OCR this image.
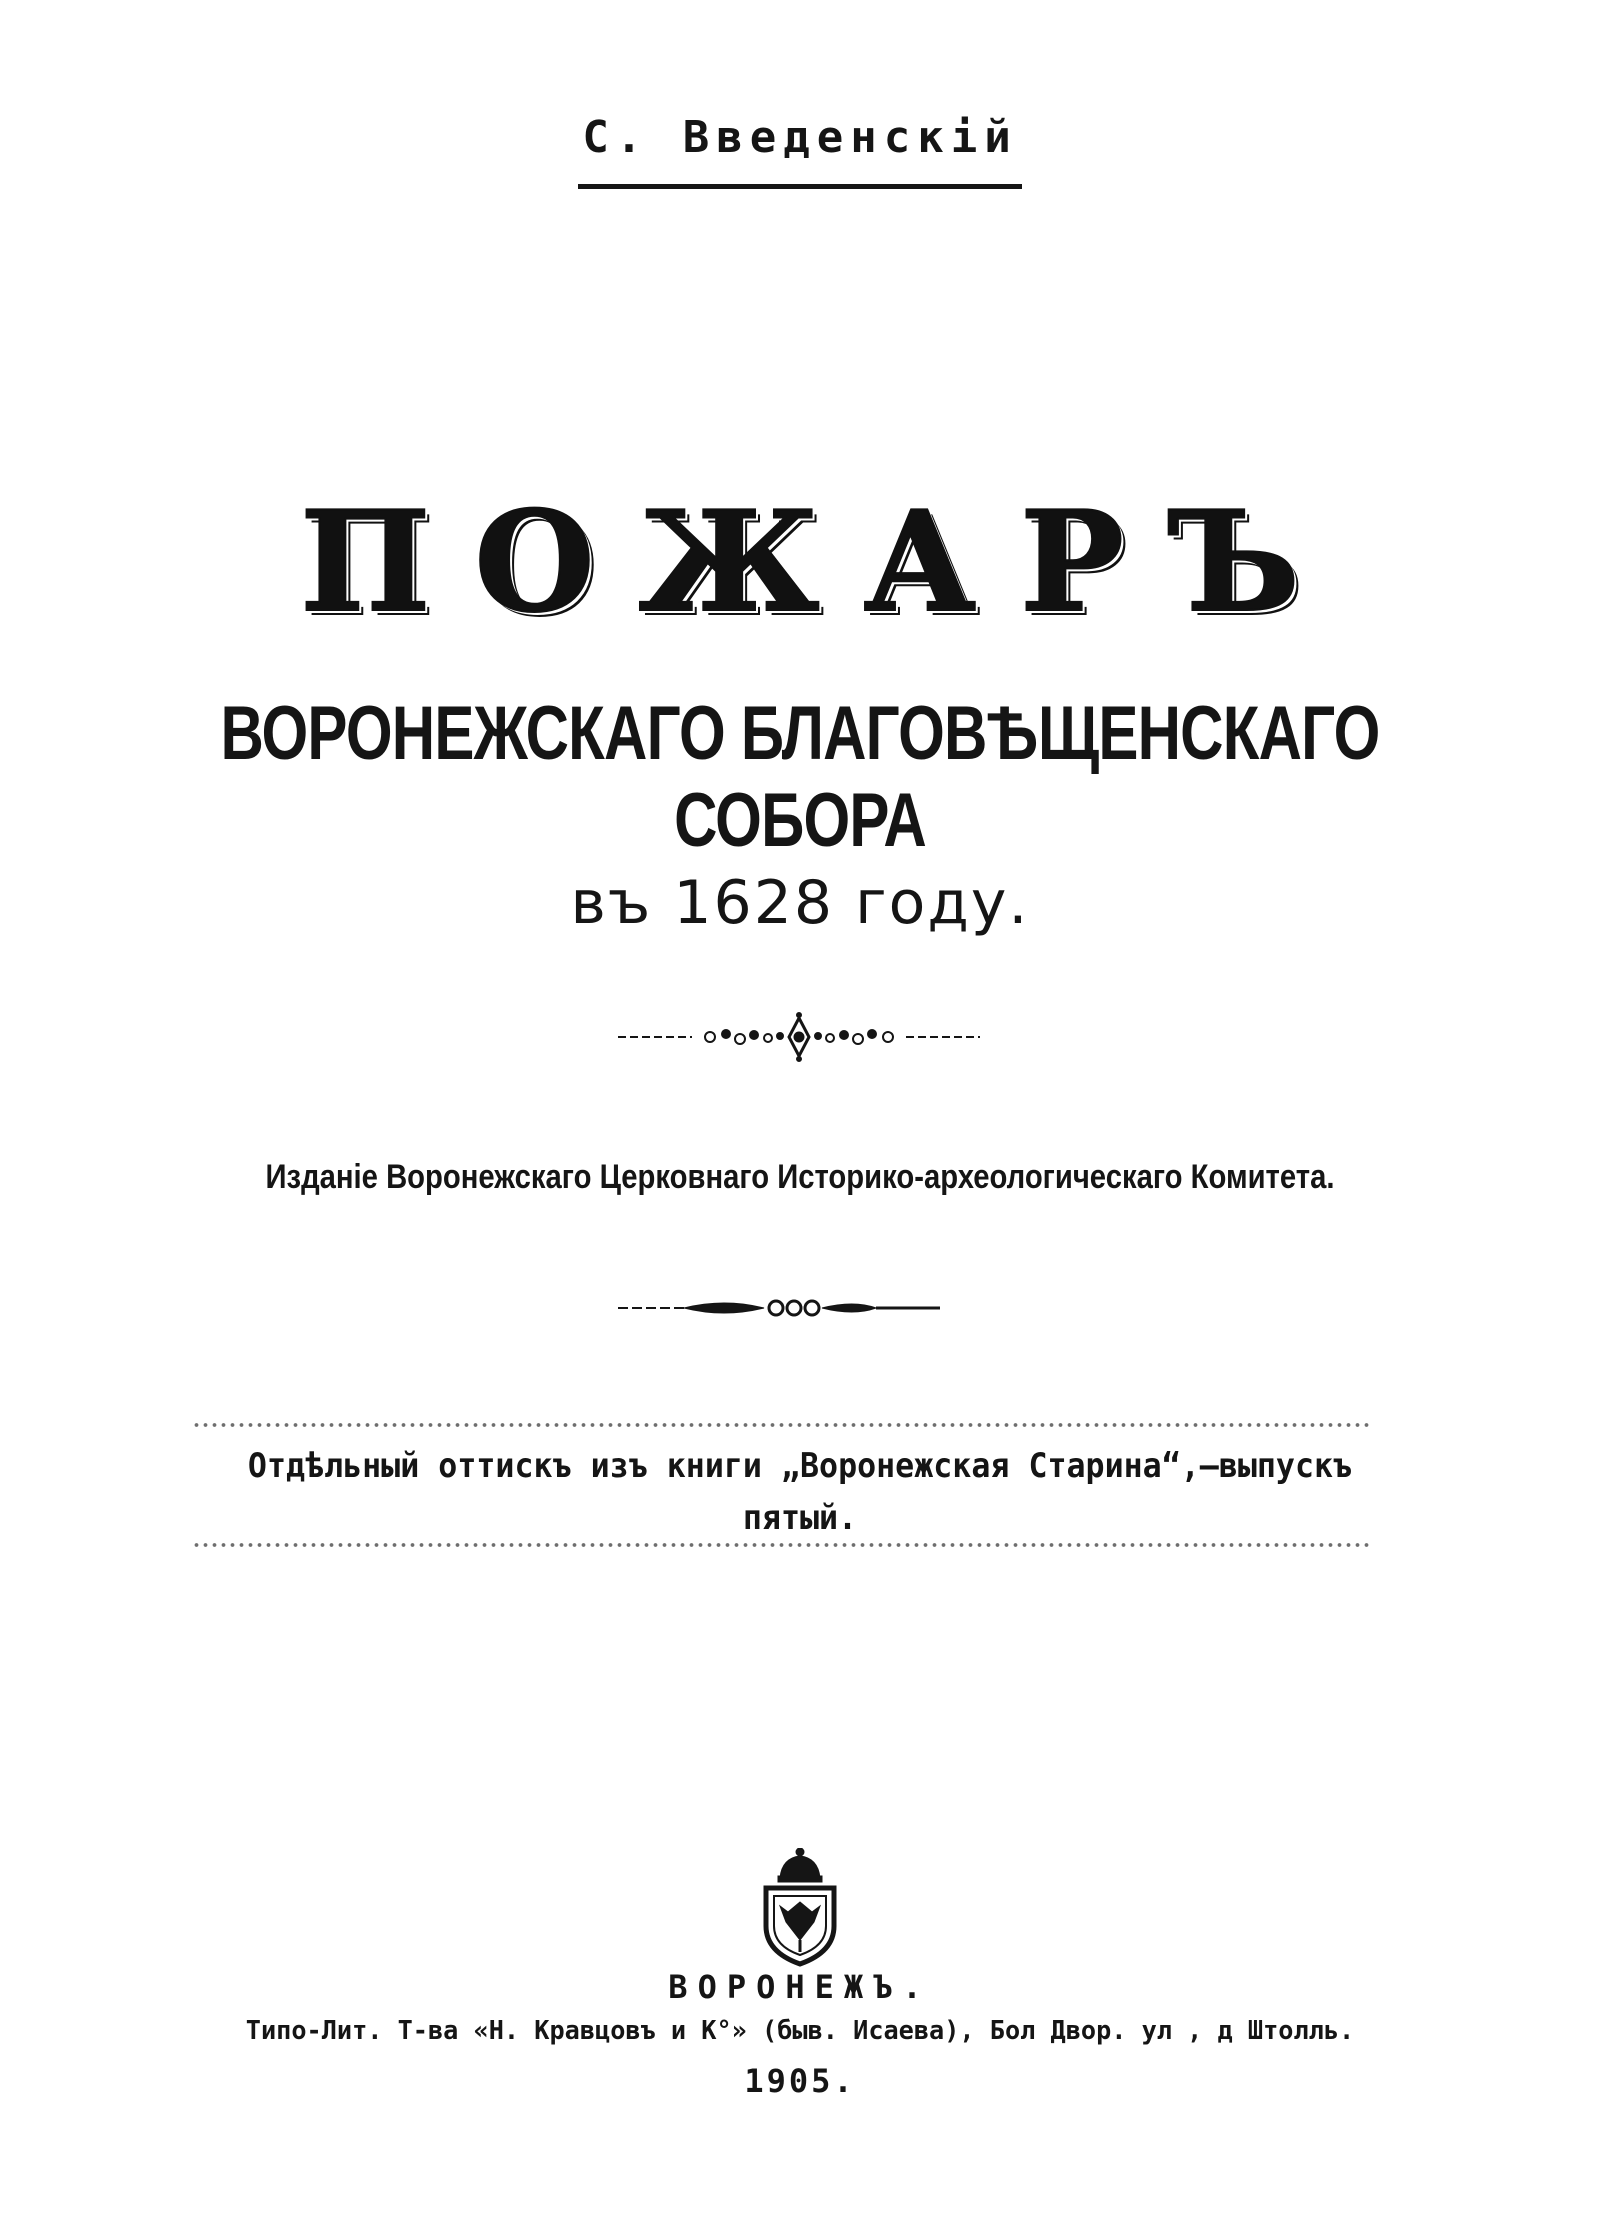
С. Введенскій
ПОЖАРЪ
ВОРОНЕЖСКАГО БЛАГОВѢЩЕНСКАГО СОБОРА
въ 1628 году.
Изданіе Воронежскаго Церковнаго Историко-археологическаго Комитета.
Отдѣльный оттискъ изъ книги „Воронежская Старина“,—выпускъ
пятый.
ВОРОНЕЖЪ.
Типо-Лит. Т-ва «Н. Кравцовъ и К°» (быв. Исаева), Бол Двор. ул , д Штолль.
1905.
